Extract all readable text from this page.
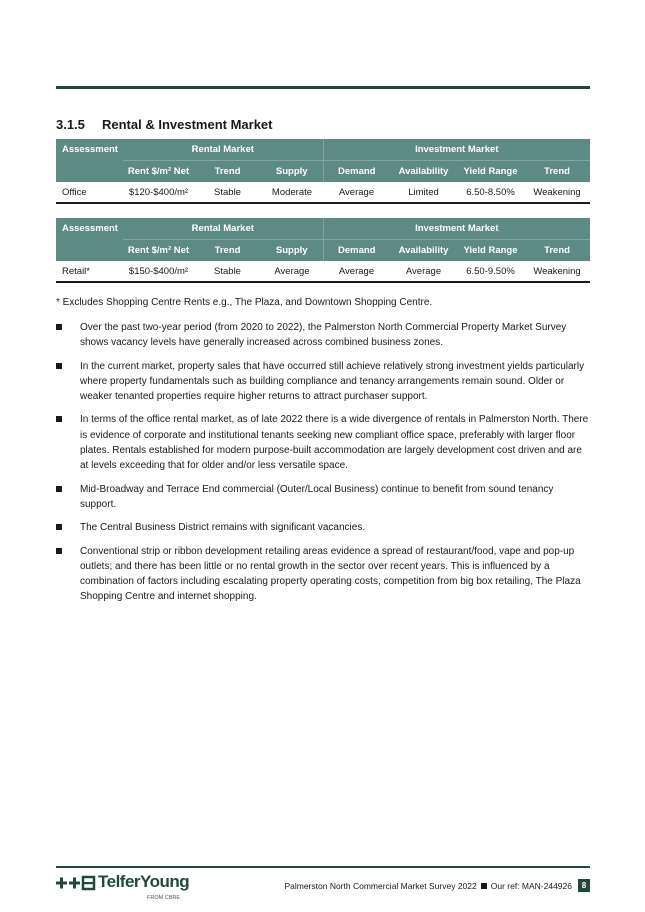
3.1.5 Rental & Investment Market
Assessment	Rental Market			Investment Market			
	Rent $/m² Net	Trend	Supply	Demand	Availability	Yield Range	Trend
Office	$120-$400/m²	Stable	Moderate	Average	Limited	6.50-8.50%	Weakening
Assessment	Rental Market			Investment Market			
	Rent $/m² Net	Trend	Supply	Demand	Availability	Yield Range	Trend
Retail*	$150-$400/m²	Stable	Average	Average	Average	6.50-9.50%	Weakening
* Excludes Shopping Centre Rents e.g., The Plaza, and Downtown Shopping Centre.
Over the past two-year period (from 2020 to 2022), the Palmerston North Commercial Property Market Survey shows vacancy levels have generally increased across combined business zones.
In the current market, property sales that have occurred still achieve relatively strong investment yields particularly where property fundamentals such as building compliance and tenancy arrangements remain sound. Older or weaker tenanted properties require higher returns to attract purchaser support.
In terms of the office rental market, as of late 2022 there is a wide divergence of rentals in Palmerston North. There is evidence of corporate and institutional tenants seeking new compliant office space, preferably with larger floor plates. Rentals established for modern purpose-built accommodation are largely development cost driven and are at levels exceeding that for older and/or less versatile space.
Mid-Broadway and Terrace End commercial (Outer/Local Business) continue to benefit from sound tenancy support.
The Central Business District remains with significant vacancies.
Conventional strip or ribbon development retailing areas evidence a spread of restaurant/food, vape and pop-up outlets; and there has been little or no rental growth in the sector over recent years. This is influenced by a combination of factors including escalating property operating costs, competition from big box retailing, The Plaza Shopping Centre and internet shopping.
TelferYoung
FROM CBRE
Palmerston North Commercial Market Survey 2022 Our ref: MAN-244926	8
